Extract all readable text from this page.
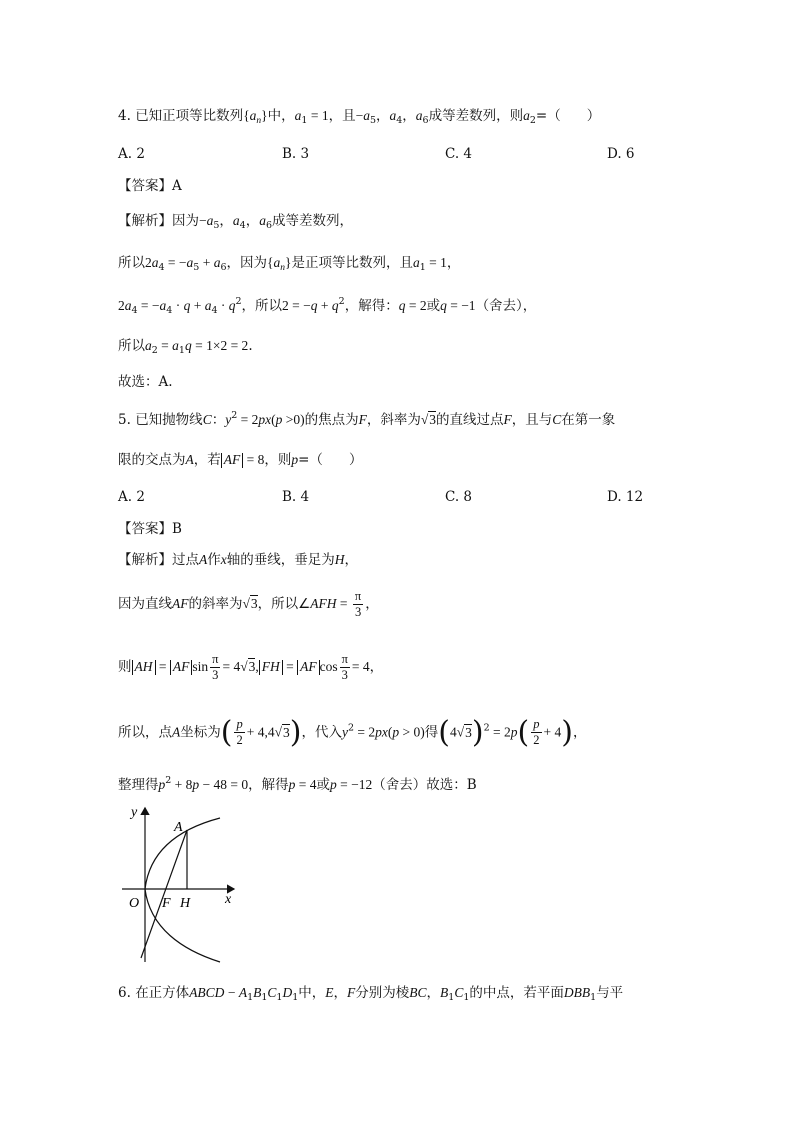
4. 已知正项等比数列$\{a_n\}$中，$a_1 = 1$，且$-a_5$，$a_4$，$a_6$成等差数列，则$a_2=$（ ）
A. 2	B. 3	C. 4	D. 6
【答案】A
【解析】因为$-a_5$，$a_4$，$a_6$成等差数列，
所以$2a_4 = -a_5 + a_6$，因为$\{a_n\}$是正项等比数列，且$a_1 = 1$，
$2a_4 = -a_4 \cdot q + a_4 \cdot q^2$，所以$2 = -q + q^2$，解得：q = 2或q = −1（舍去），
所以$a_2 = a_1q = 1\times 2 = 2$.
故选：A.
5. 已知抛物线C：$y^2 = 2px(p >0)$的焦点为F，斜率为√3的直线过点F，且与C在第一象
限的交点为A，若 AF = 8，则p=（ ）
A. 2	B. 4	C. 8	D. 12
【答案】B
【解析】过点A作x轴的垂线，垂足为H，
因为直线AF的斜率为√3，所以∠AFH = $\frac{\pi}{3}$ ，
则 AH = AF $\sin \frac{\pi}{3} = 4√3$, FH = AF $\cos \frac{\pi}{3} = 4$，
所以，点A坐标为( $\frac{p}{2} + 4,4√3$)，代入$y^2 = 2px(p > 0)$得$(4√3)^2 = 2p( \frac{p}{2} + 4)$，
整理得$p^2 + 8p - 48 = 0$，解得p = 4或p = −12（舍去）故选：B
y
A
O F H x
6. 在正方体ABCD − $A_1B_1C_1D_1$中，E，F分别为棱BC，$B_1C_1$的中点，若平面$DBB_1$与平
